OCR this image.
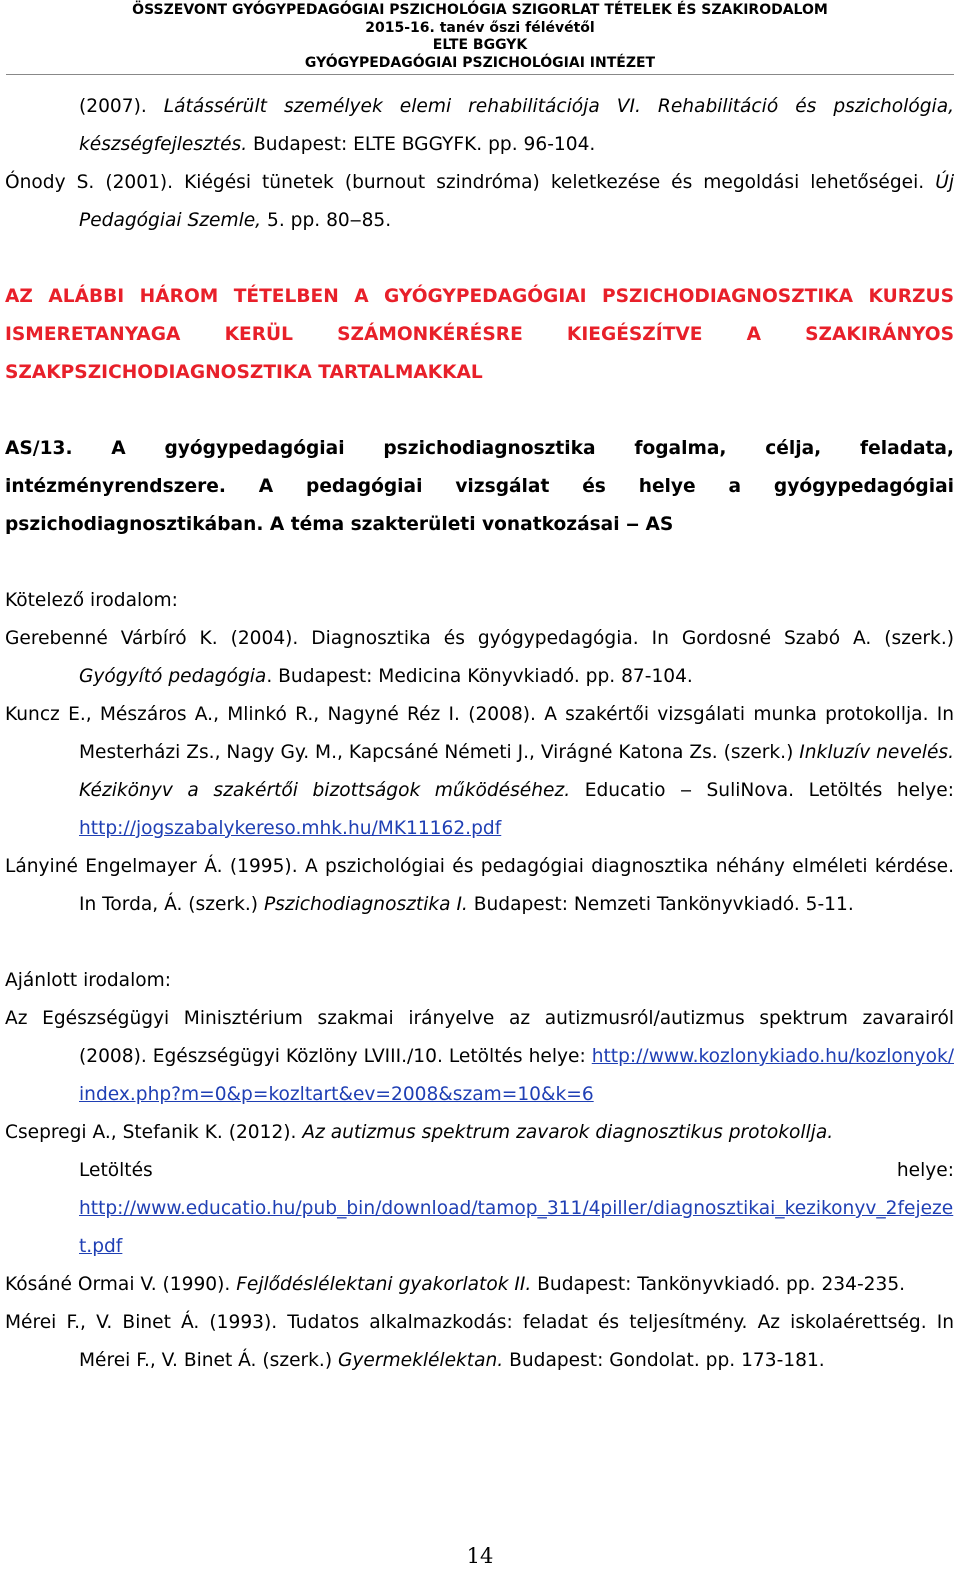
ÖSSZEVONT GYÓGYPEDAGÓGIAI PSZICHOLÓGIA SZIGORLAT TÉTELEK ÉS SZAKIRODALOM
2015-16. tanév őszi félévétől
ELTE BGGYK
GYÓGYPEDAGÓGIAI PSZICHOLÓGIAI INTÉZET

(2007). Látássérült személyek elemi rehabilitációja VI. Rehabilitáció és pszichológia, készségfejlesztés. Budapest: ELTE BGGYFK. pp. 96-104.

Ónody S. (2001). Kiégési tünetek (burnout szindróma) keletkezése és megoldási lehetőségei. Új Pedagógiai Szemle, 5. pp. 80‒85.

AZ ALÁBBI HÁROM TÉTELBEN A GYÓGYPEDAGÓGIAI PSZICHODIAGNOSZTIKA KURZUS ISMERETANYAGA KERÜL SZÁMONKÉRÉSRE KIEGÉSZÍTVE A SZAKIRÁNYOS SZAKPSZICHODIAGNOSZTIKA TARTALMAKKAL

AS/13. A gyógypedagógiai pszichodiagnosztika fogalma, célja, feladata, intézményrendszere. A pedagógiai vizsgálat és helye a gyógypedagógiai pszichodiagnosztikában. A téma szakterületi vonatkozásai ‒ AS

Kötelező irodalom:

Gerebenné Várbíró K. (2004). Diagnosztika és gyógypedagógia. In Gordosné Szabó A. (szerk.) Gyógyító pedagógia. Budapest: Medicina Könyvkiadó. pp. 87-104.

Kuncz E., Mészáros A., Mlinkó R., Nagyné Réz I. (2008). A szakértői vizsgálati munka protokollja. In Mesterházi Zs., Nagy Gy. M., Kapcsáné Németi J., Virágné Katona Zs. (szerk.) Inkluzív nevelés. Kézikönyv a szakértői bizottságok működéséhez. Educatio ‒ SuliNova. Letöltés helye: http://jogszabalykereso.mhk.hu/MK11162.pdf

Lányiné Engelmayer Á. (1995). A pszichológiai és pedagógiai diagnosztika néhány elméleti kérdése. In Torda, Á. (szerk.) Pszichodiagnosztika I. Budapest: Nemzeti Tankönyvkiadó. 5-11.

Ajánlott irodalom:

Az Egészségügyi Minisztérium szakmai irányelve az autizmusról/autizmus spektrum zavarairól (2008). Egészségügyi Közlöny LVIII./10. Letöltés helye: http://www.kozlonykiado.hu/kozlonyok/index.php?m=0&p=kozltart&ev=2008&szam=10&k=6

Csepregi A., Stefanik K. (2012). Az autizmus spektrum zavarok diagnosztikus protokollja.

Letöltés	helye:

http://www.educatio.hu/pub_bin/download/tamop_311/4piller/diagnosztikai_kezikonyv_2fejezet.pdf

Kósáné Ormai V. (1990). Fejlődéslélektani gyakorlatok II. Budapest: Tankönyvkiadó. pp. 234-235.

Mérei F., V. Binet Á. (1993). Tudatos alkalmazkodás: feladat és teljesítmény. Az iskolaérettség. In Mérei F., V. Binet Á. (szerk.) Gyermeklélektan. Budapest: Gondolat. pp. 173-181.

14
